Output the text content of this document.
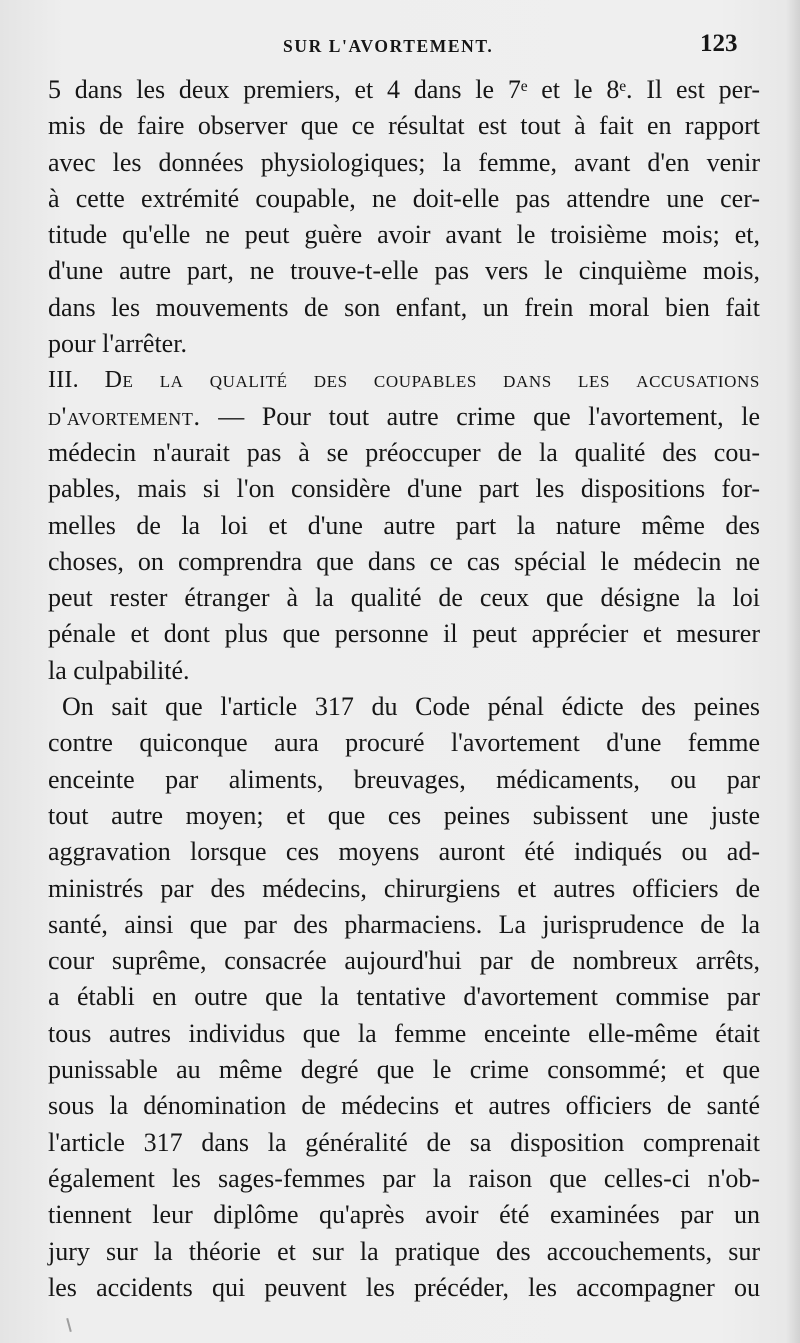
SUR L'AVORTEMENT.	123
5 dans les deux premiers, et 4 dans le 7ᵉ et le 8ᵉ. Il est per-
mis de faire observer que ce résultat est tout à fait en rapport
avec les données physiologiques; la femme, avant d'en venir
à cette extrémité coupable, ne doit-elle pas attendre une cer-
titude qu'elle ne peut guère avoir avant le troisième mois; et,
d'une autre part, ne trouve-t-elle pas vers le cinquième mois,
dans les mouvements de son enfant, un frein moral bien fait
pour l'arrêter.
III. De la qualité des coupables dans les accusations
d'avortement. — Pour tout autre crime que l'avortement, le
médecin n'aurait pas à se préoccuper de la qualité des cou-
pables, mais si l'on considère d'une part les dispositions for-
melles de la loi et d'une autre part la nature même des
choses, on comprendra que dans ce cas spécial le médecin ne
peut rester étranger à la qualité de ceux que désigne la loi
pénale et dont plus que personne il peut apprécier et mesurer
la culpabilité.
On sait que l'article 317 du Code pénal édicte des peines
contre quiconque aura procuré l'avortement d'une femme
enceinte par aliments, breuvages, médicaments, ou par
tout autre moyen; et que ces peines subissent une juste
aggravation lorsque ces moyens auront été indiqués ou ad-
ministrés par des médecins, chirurgiens et autres officiers de
santé, ainsi que par des pharmaciens. La jurisprudence de la
cour suprême, consacrée aujourd'hui par de nombreux arrêts,
a établi en outre que la tentative d'avortement commise par
tous autres individus que la femme enceinte elle-même était
punissable au même degré que le crime consommé; et que
sous la dénomination de médecins et autres officiers de santé
l'article 317 dans la généralité de sa disposition comprenait
également les sages-femmes par la raison que celles-ci n'ob-
tiennent leur diplôme qu'après avoir été examinées par un
jury sur la théorie et sur la pratique des accouchements, sur
les accidents qui peuvent les précéder, les accompagner ou
